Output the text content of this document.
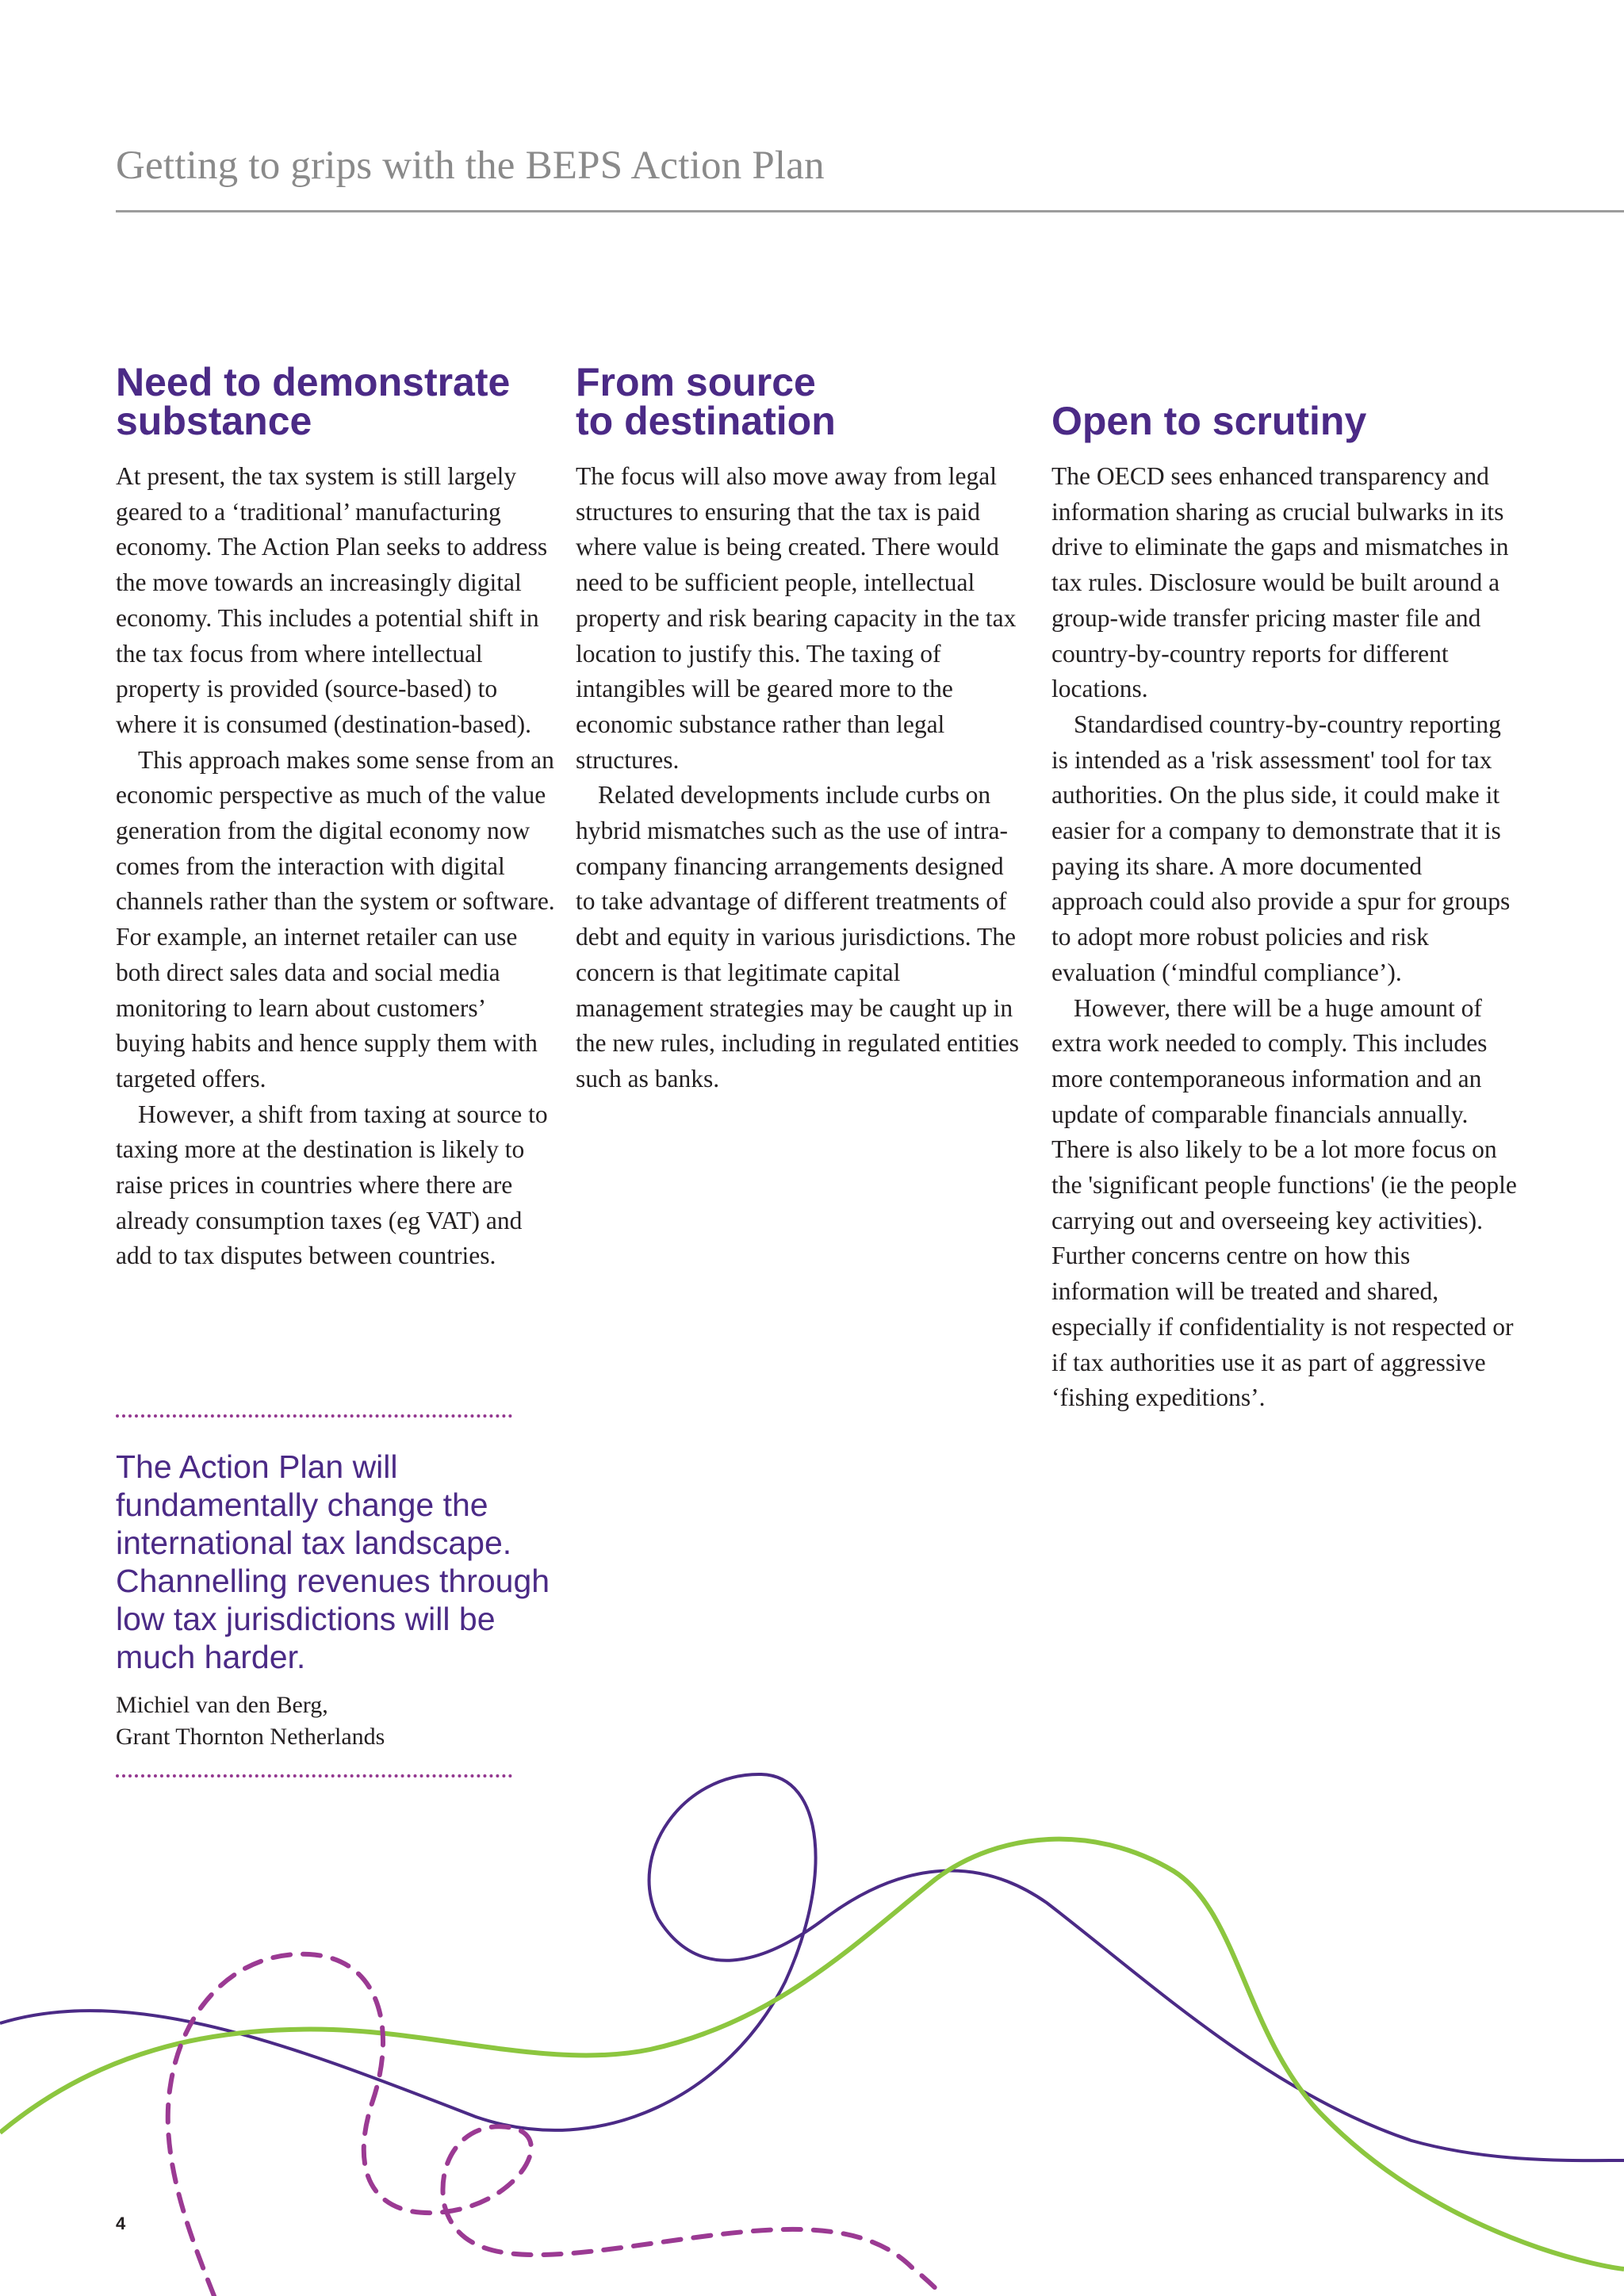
Getting to grips with the BEPS Action Plan
Need to demonstrate
substance

At present, the tax system is still largely geared to a ‘traditional’ manufacturing economy. The Action Plan seeks to address the move towards an increasingly digital economy. This includes a potential shift in the tax focus from where intellectual property is provided (source-based) to where it is consumed (destination-based).

This approach makes some sense from an economic perspective as much of the value generation from the digital economy now comes from the interaction with digital channels rather than the system or software. For example, an internet retailer can use both direct sales data and social media monitoring to learn about customers’ buying habits and hence supply them with targeted offers.

However, a shift from taxing at source to taxing more at the destination is likely to raise prices in countries where there are already consumption taxes (eg VAT) and add to tax disputes between countries.

From source
to destination

The focus will also move away from legal structures to ensuring that the tax is paid where value is being created. There would need to be sufficient people, intellectual property and risk bearing capacity in the tax location to justify this. The taxing of intangibles will be geared more to the economic substance rather than legal structures.

Related developments include curbs on hybrid mismatches such as the use of intra-company financing arrangements designed to take advantage of different treatments of debt and equity in various jurisdictions. The concern is that legitimate capital management strategies may be caught up in the new rules, including in regulated entities such as banks.

Open to scrutiny

The OECD sees enhanced transparency and information sharing as crucial bulwarks in its drive to eliminate the gaps and mismatches in tax rules. Disclosure would be built around a group-wide transfer pricing master file and country-by-country reports for different locations.

Standardised country-by-country reporting is intended as a 'risk assessment' tool for tax authorities. On the plus side, it could make it easier for a company to demonstrate that it is paying its share. A more documented approach could also provide a spur for groups to adopt more robust policies and risk evaluation (‘mindful compliance’).

However, there will be a huge amount of extra work needed to comply. This includes more contemporaneous information and an update of comparable financials annually. There is also likely to be a lot more focus on the 'significant people functions' (ie the people carrying out and overseeing key activities). Further concerns centre on how this information will be treated and shared, especially if confidentiality is not respected or if tax authorities use it as part of aggressive ‘fishing expeditions’.

The Action Plan will fundamentally change the international tax landscape. Channelling revenues through low tax jurisdictions will be much harder.
Michiel van den Berg,
Grant Thornton Netherlands
4
